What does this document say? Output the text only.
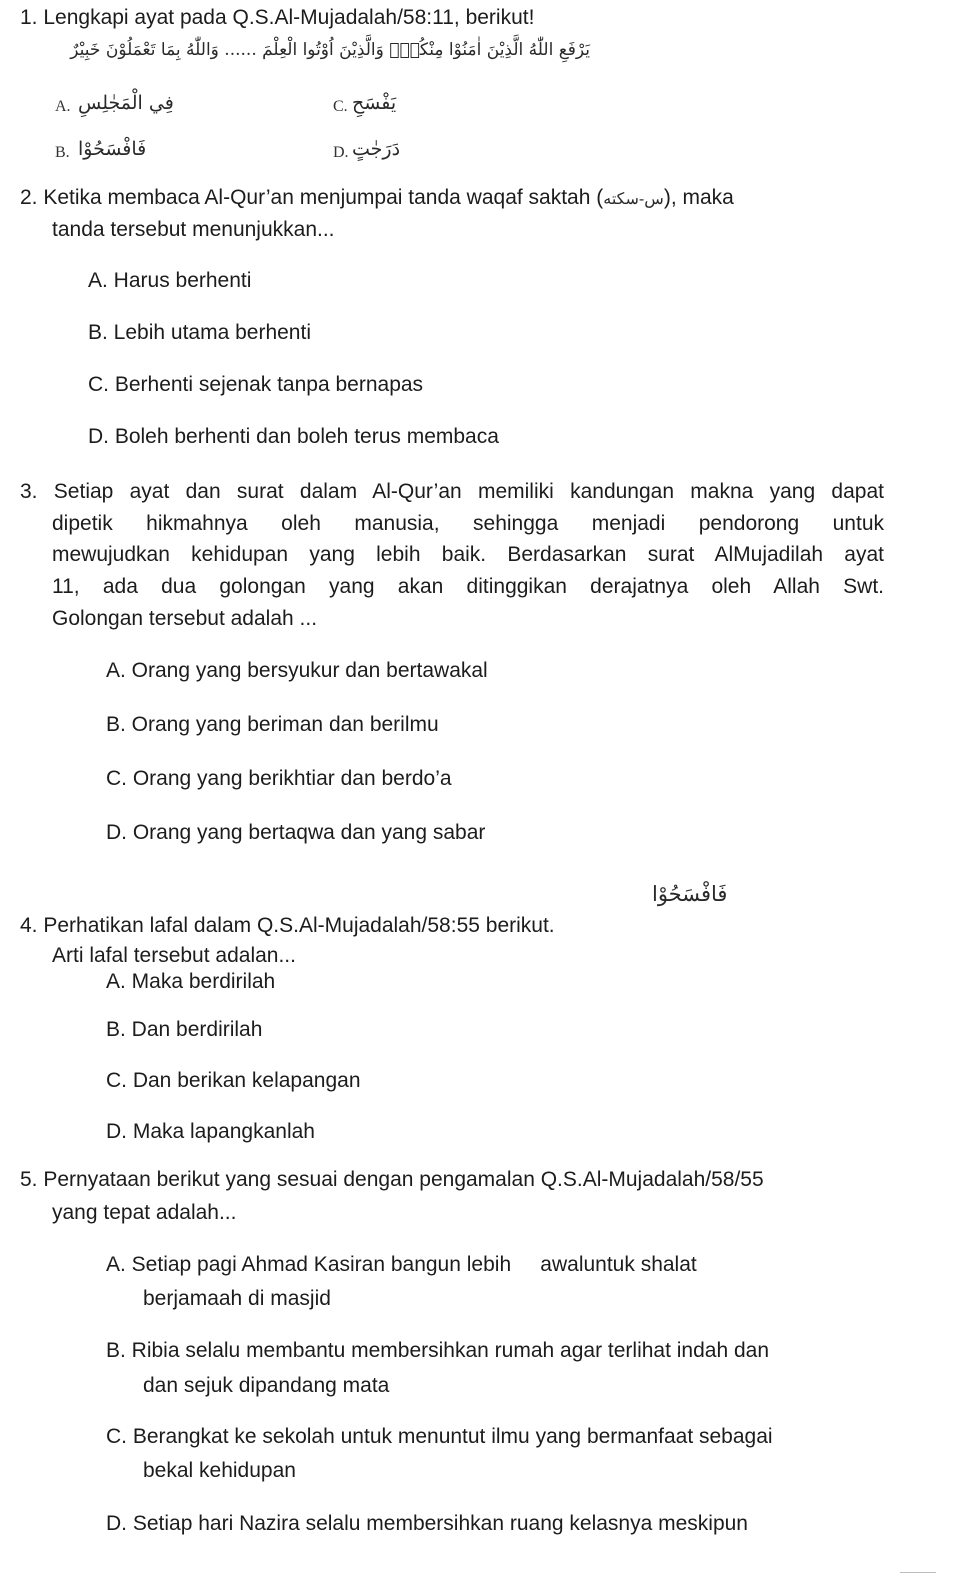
1. Lengkapi ayat pada Q.S.Al-Mujadalah/58:11, berikut!
يَرْفَعِ اللّٰهُ الَّذِيْنَ اٰمَنُوْا مِنْكُمْۙ وَالَّذِيْنَ اُوْتُوا الْعِلْمَ ...... وَاللّٰهُ بِمَا تَعْمَلُوْنَ خَبِيْرٌ
A. فِي الْمَجٰلِسِ	C. يَفْسَحِ
B. فَافْسَحُوْا	D. دَرَجٰتٍ
2. Ketika membaca Al-Qur’an menjumpai tanda waqaf saktah (س-سكته), maka
tanda tersebut menunjukkan...
A. Harus berhenti
B. Lebih utama berhenti
C. Berhenti sejenak tanpa bernapas
D. Boleh berhenti dan boleh terus membaca
3. Setiap ayat dan surat dalam Al-Qur’an memiliki kandungan makna yang dapat
dipetik hikmahnya oleh manusia, sehingga menjadi pendorong untuk
mewujudkan kehidupan yang lebih baik. Berdasarkan surat AlMujadilah ayat
11, ada dua golongan yang akan ditinggikan derajatnya oleh Allah Swt.
Golongan tersebut adalah ...
A. Orang yang bersyukur dan bertawakal
B. Orang yang beriman dan berilmu
C. Orang yang berikhtiar dan berdo’a
D. Orang yang bertaqwa dan yang sabar
4. Perhatikan lafal dalam Q.S.Al-Mujadalah/58:55 berikut.
فَافْسَحُوْا
Arti lafal tersebut adalan...
A. Maka berdirilah
B. Dan berdirilah
C. Dan berikan kelapangan
D. Maka lapangkanlah
5. Pernyataan berikut yang sesuai dengan pengamalan Q.S.Al-Mujadalah/58/55
yang tepat adalah...
A. Setiap pagi Ahmad Kasiran bangun lebih     awaluntuk shalat
berjamaah di masjid
B. Ribia selalu membantu membersihkan rumah agar terlihat indah dan
dan sejuk dipandang mata
C. Berangkat ke sekolah untuk menuntut ilmu yang bermanfaat sebagai
bekal kehidupan
D. Setiap hari Nazira selalu membersihkan ruang kelasnya meskipun
